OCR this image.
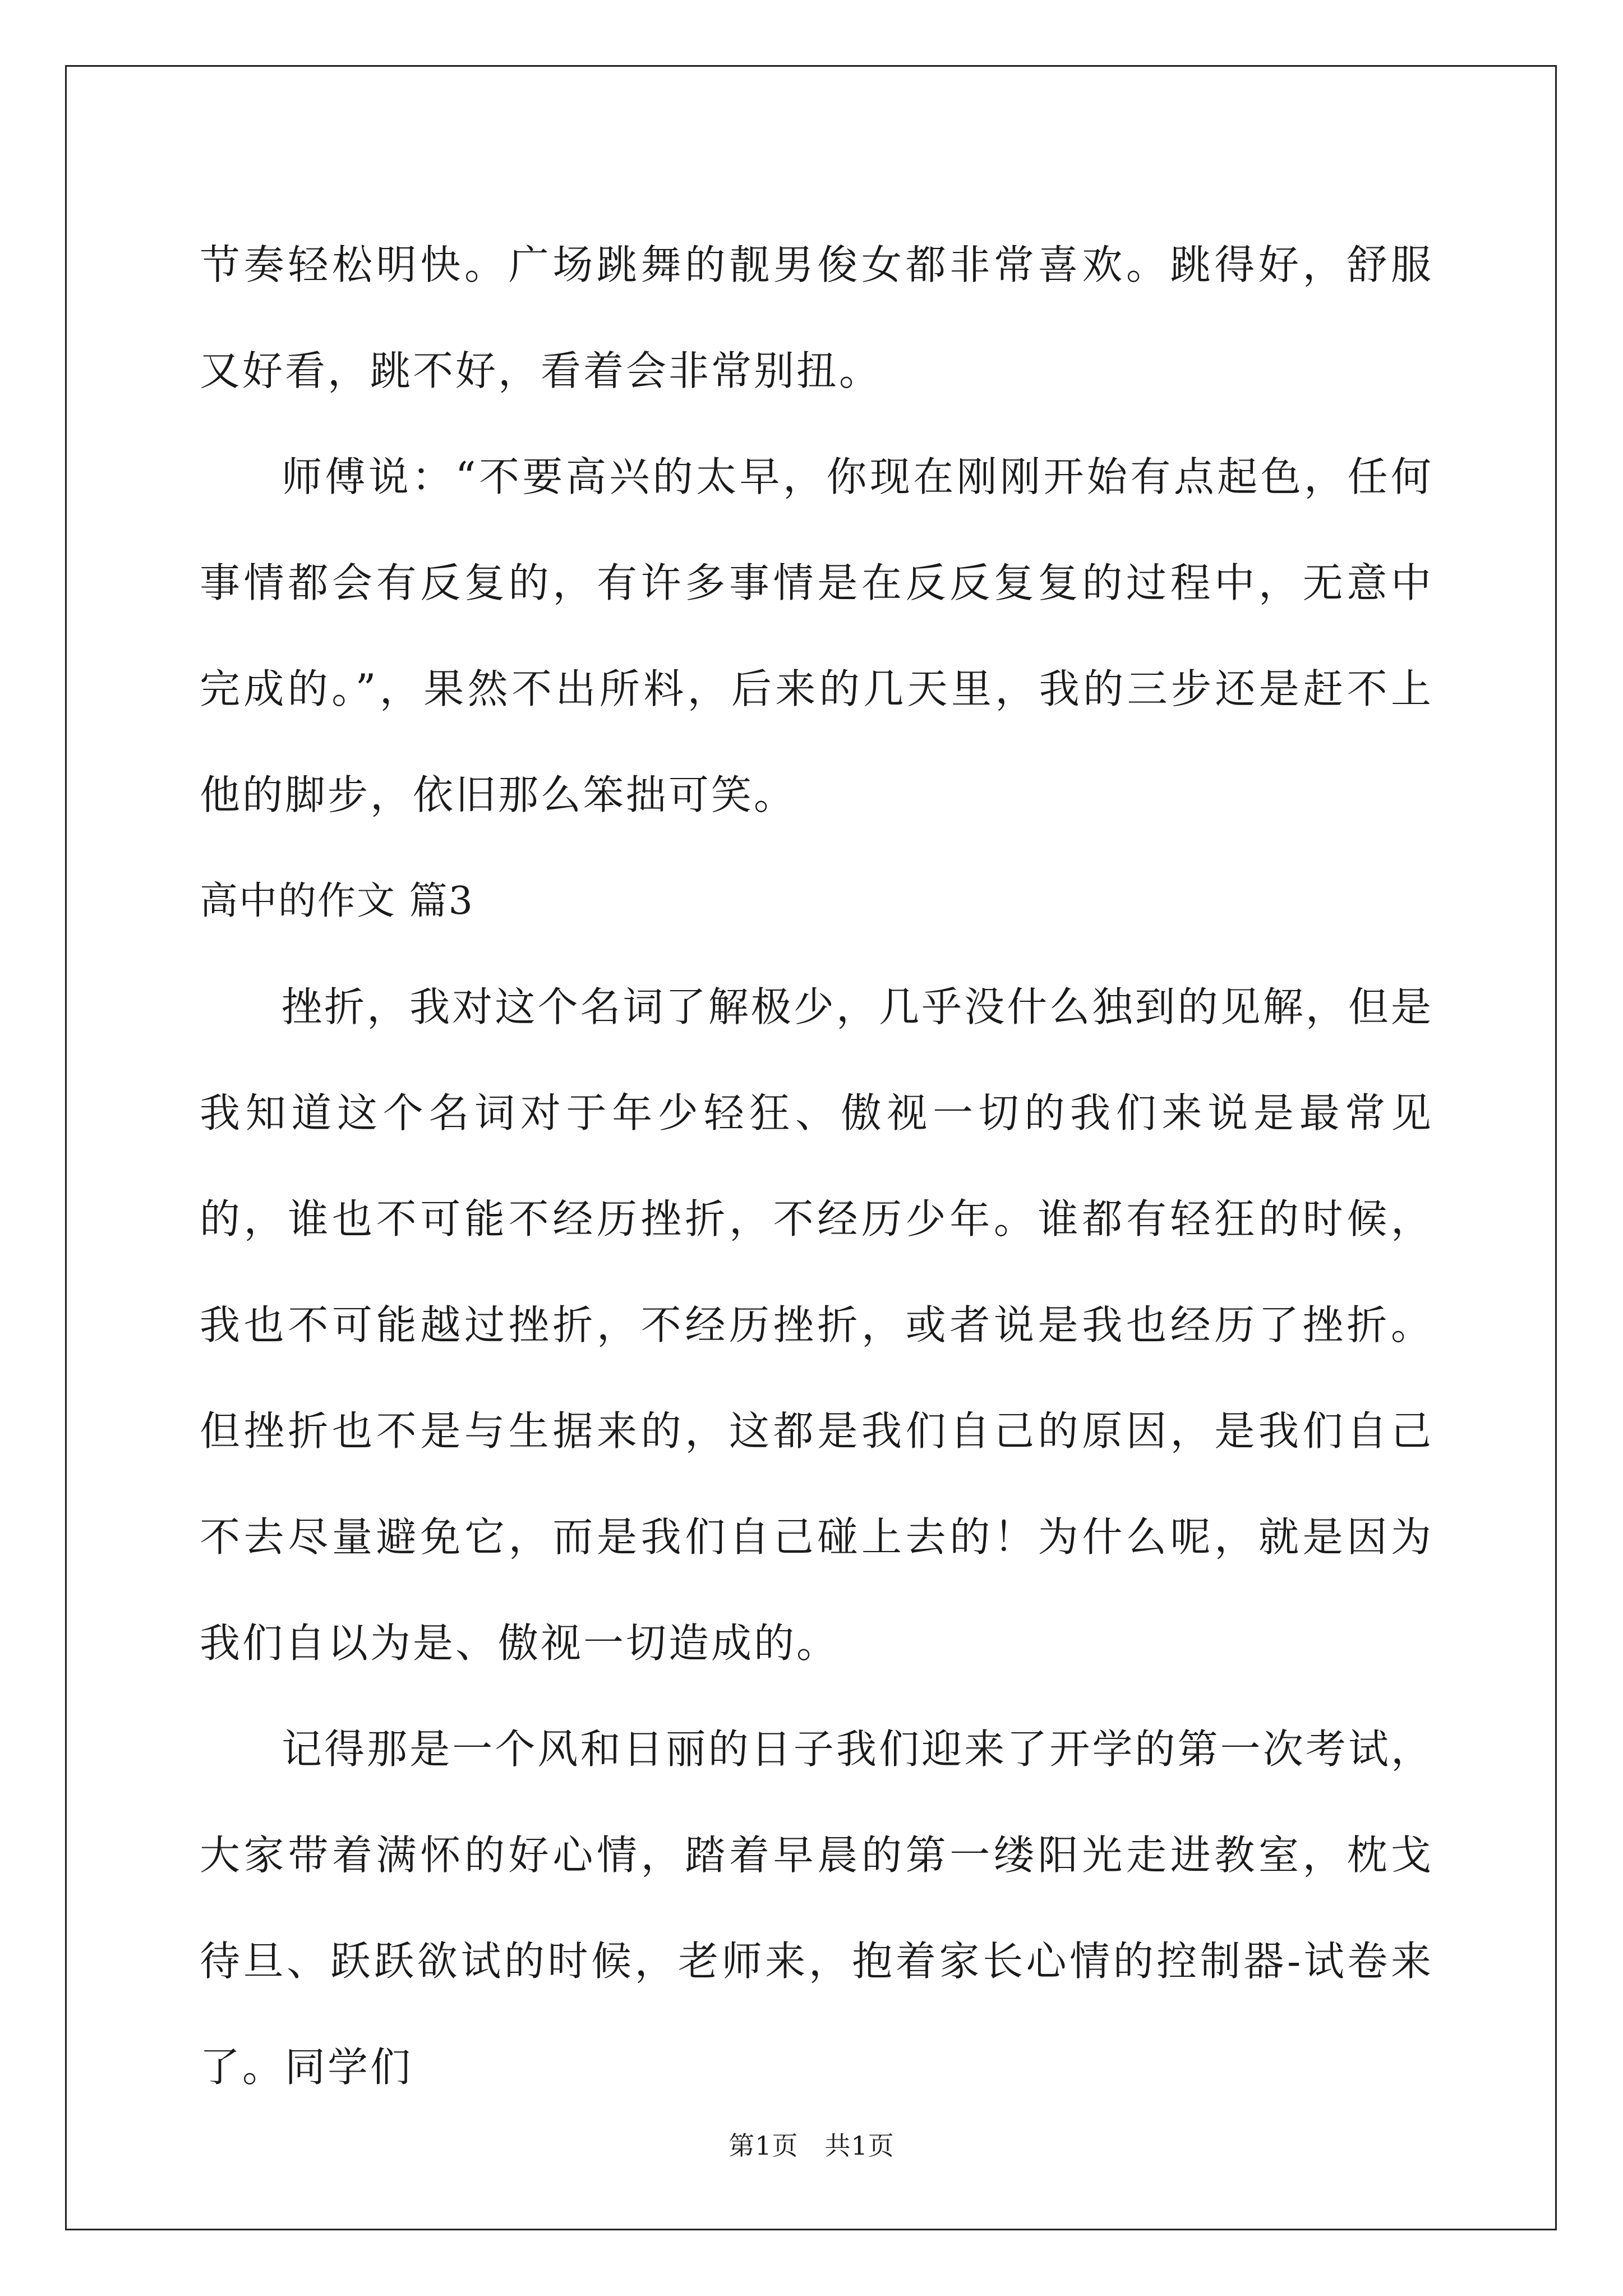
节奏轻松明快。广场跳舞的靓男俊女都非常喜欢。跳得好，舒服又好看，跳不好，看着会非常别扭。

师傅说：“不要高兴的太早，你现在刚刚开始有点起色，任何事情都会有反复的，有许多事情是在反反复复的过程中，无意中完成的。”，果然不出所料，后来的几天里，我的三步还是赶不上他的脚步，依旧那么笨拙可笑。

高中的作文 篇3

挫折，我对这个名词了解极少，几乎没什么独到的见解，但是我知道这个名词对于年少轻狂、傲视一切的我们来说是最常见的，谁也不可能不经历挫折，不经历少年。谁都有轻狂的时候，我也不可能越过挫折，不经历挫折，或者说是我也经历了挫折。但挫折也不是与生据来的，这都是我们自己的原因，是我们自己不去尽量避免它，而是我们自己碰上去的！为什么呢，就是因为我们自以为是、傲视一切造成的。

记得那是一个风和日丽的日子我们迎来了开学的第一次考试，大家带着满怀的好心情，踏着早晨的第一缕阳光走进教室，枕戈待旦、跃跃欲试的时候，老师来，抱着家长心情的控制器-试卷来了。同学们

第1页 共1页
